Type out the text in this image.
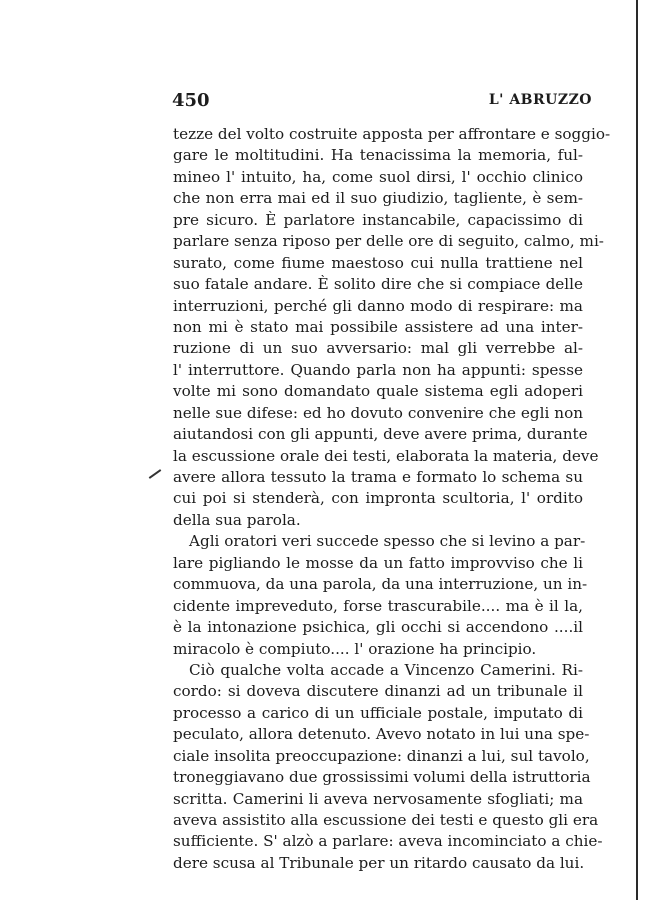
450	L' ABRUZZO
tezze del volto costruite apposta per affrontare e soggio-
gare le moltitudini. Ha tenacissima la memoria, ful-
mineo l' intuito, ha, come suol dirsi, l' occhio clinico
che non erra mai ed il suo giudizio, tagliente, è sem-
pre sicuro. È parlatore instancabile, capacissimo di
parlare senza riposo per delle ore di seguito, calmo, mi-
surato, come fiume maestoso cui nulla trattiene nel
suo fatale andare. È solito dire che si compiace delle
interruzioni, perché gli danno modo di respirare: ma
non mi è stato mai possibile assistere ad una inter-
ruzione di un suo avversario: mal gli verrebbe al-
l' interruttore. Quando parla non ha appunti: spesse
volte mi sono domandato quale sistema egli adoperi
nelle sue difese: ed ho dovuto convenire che egli non
aiutandosi con gli appunti, deve avere prima, durante
la escussione orale dei testi, elaborata la materia, deve
avere allora tessuto la trama e formato lo schema su
cui poi si stenderà, con impronta scultoria, l' ordito
della sua parola.
Agli oratori veri succede spesso che si levino a par-
lare pigliando le mosse da un fatto improvviso che li
commuova, da una parola, da una interruzione, un in-
cidente impreveduto, forse trascurabile.... ma è il la,
è la intonazione psichica, gli occhi si accendono ....il
miracolo è compiuto.... l' orazione ha principio.
Ciò qualche volta accade a Vincenzo Camerini. Ri-
cordo: si doveva discutere dinanzi ad un tribunale il
processo a carico di un ufficiale postale, imputato di
peculato, allora detenuto. Avevo notato in lui una spe-
ciale insolita preoccupazione: dinanzi a lui, sul tavolo,
troneggiavano due grossissimi volumi della istruttoria
scritta. Camerini li aveva nervosamente sfogliati; ma
aveva assistito alla escussione dei testi e questo gli era
sufficiente. S' alzò a parlare: aveva incominciato a chie-
dere scusa al Tribunale per un ritardo causato da lui.
